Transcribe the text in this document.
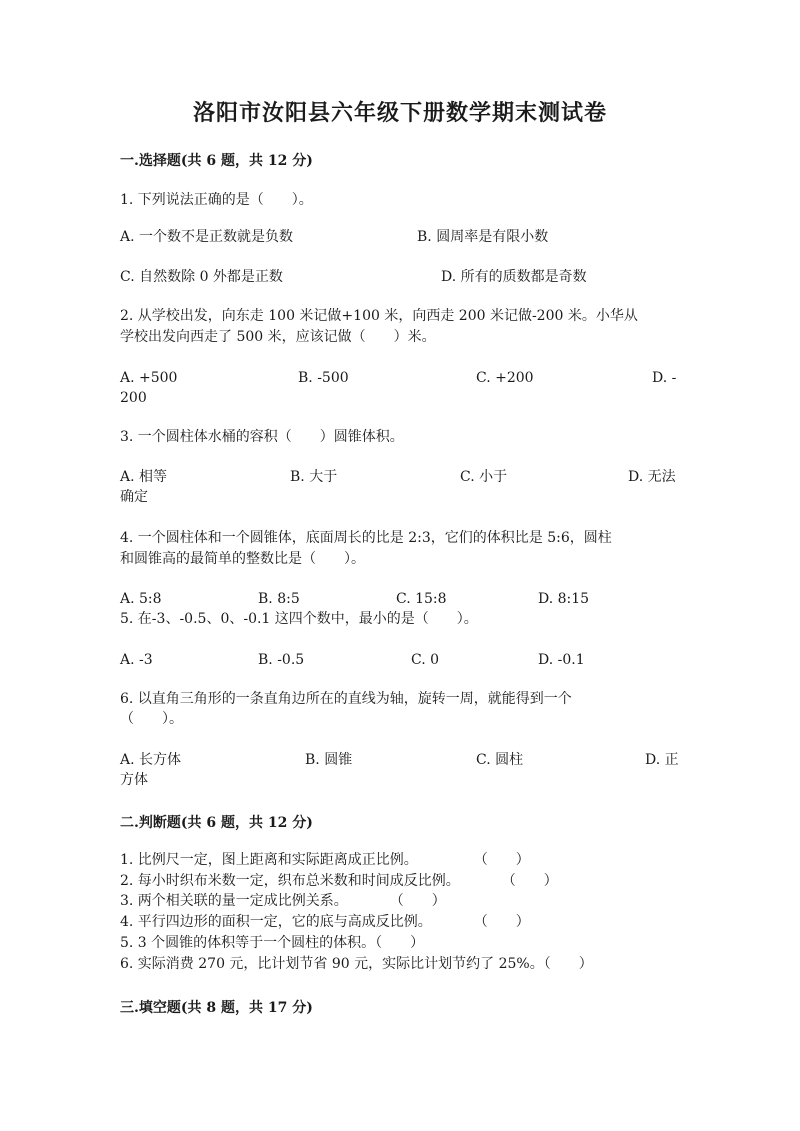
洛阳市汝阳县六年级下册数学期末测试卷
一.选择题(共 6 题，共 12 分)
1. 下列说法正确的是（　　）。
A. 一个数不是正数就是负数	B. 圆周率是有限小数
C. 自然数除 0 外都是正数	D. 所有的质数都是奇数
2. 从学校出发，向东走 100 米记做+100 米，向西走 200 米记做-200 米。小华从
学校出发向西走了 500 米，应该记做（　　）米。
A. +500	B. -500	C. +200	D. -
200
3. 一个圆柱体水桶的容积（　　）圆锥体积。
A. 相等	B. 大于	C. 小于	D. 无法
确定
4. 一个圆柱体和一个圆锥体，底面周长的比是 2:3，它们的体积比是 5:6，圆柱
和圆锥高的最简单的整数比是（　　）。
A. 5:8	B. 8:5	C. 15:8	D. 8:15
5. 在-3、-0.5、0、-0.1 这四个数中，最小的是（　　）。
A. -3	B. -0.5	C. 0	D. -0.1
6. 以直角三角形的一条直角边所在的直线为轴，旋转一周，就能得到一个
（　　）。
A. 长方体	B. 圆锥	C. 圆柱	D. 正
方体
二.判断题(共 6 题，共 12 分)
1. 比例尺一定，图上距离和实际距离成正比例。　　　　　（　　）
2. 每小时织布米数一定，织布总米数和时间成反比例。　　　　（　　）
3. 两个相关联的量一定成比例关系。　　　　（　　）
4. 平行四边形的面积一定，它的底与高成反比例。　　　　（　　）
5. 3 个圆锥的体积等于一个圆柱的体积。（　　）
6. 实际消费 270 元，比计划节省 90 元，实际比计划节约了 25%。（　　）
三.填空题(共 8 题，共 17 分)
